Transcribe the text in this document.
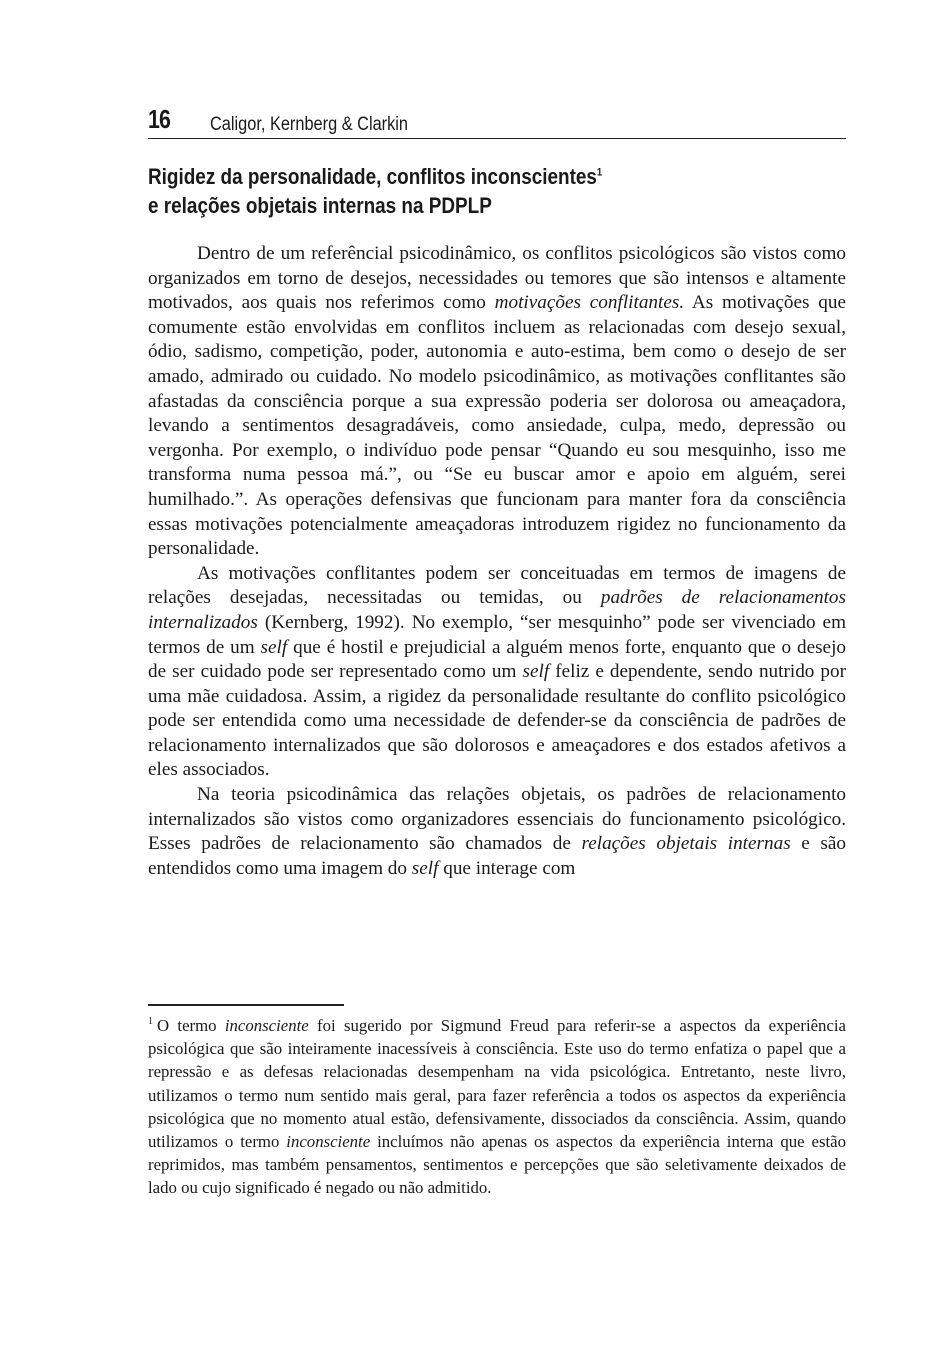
16 Caligor, Kernberg & Clarkin
Rigidez da personalidade, conflitos inconscientes$^1$
e relações objetais internas na PDPLP

Dentro de um referêncial psicodinâmico, os conflitos psicológicos são vistos como organizados em torno de desejos, necessidades ou temores que são intensos e altamente motivados, aos quais nos referimos como motivações conflitantes. As motivações que comumente estão envolvidas em conflitos incluem as relacionadas com desejo sexual, ódio, sadismo, competição, poder, autonomia e auto-estima, bem como o desejo de ser amado, admirado ou cuidado. No modelo psicodinâmico, as motivações conflitantes são afastadas da consciência porque a sua expressão poderia ser dolorosa ou ameaçadora, levando a sentimentos desagradáveis, como ansiedade, culpa, medo, depressão ou vergonha. Por exemplo, o indivíduo pode pensar “Quando eu sou mesquinho, isso me transforma numa pessoa má.”, ou “Se eu buscar amor e apoio em alguém, serei humilhado.”. As operações defensivas que funcionam para manter fora da consciência essas motivações potencialmente ameaçadoras introduzem rigidez no funcionamento da personalidade.

As motivações conflitantes podem ser conceituadas em termos de imagens de relações desejadas, necessitadas ou temidas, ou padrões de relacionamentos internalizados (Kernberg, 1992). No exemplo, “ser mesquinho” pode ser vivenciado em termos de um self que é hostil e prejudicial a alguém menos forte, enquanto que o desejo de ser cuidado pode ser representado como um self feliz e dependente, sendo nutrido por uma mãe cuidadosa. Assim, a rigidez da personalidade resultante do conflito psicológico pode ser entendida como uma necessidade de defender-se da consciência de padrões de relacionamento internalizados que são dolorosos e ameaçadores e dos estados afetivos a eles associados.

Na teoria psicodinâmica das relações objetais, os padrões de relacionamento internalizados são vistos como organizadores essenciais do funcionamento psicológico. Esses padrões de relacionamento são chamados de relações objetais internas e são entendidos como uma imagem do self que interage com

$^1$ O termo inconsciente foi sugerido por Sigmund Freud para referir-se a aspectos da experiência psicológica que são inteiramente inacessíveis à consciência. Este uso do termo enfatiza o papel que a repressão e as defesas relacionadas desempenham na vida psicológica. Entretanto, neste livro, utilizamos o termo num sentido mais geral, para fazer referência a todos os aspectos da experiência psicológica que no momento atual estão, defensivamente, dissociados da consciência. Assim, quando utilizamos o termo inconsciente incluímos não apenas os aspectos da experiência interna que estão reprimidos, mas também pensamentos, sentimentos e percepções que são seletivamente deixados de lado ou cujo significado é negado ou não admitido.
